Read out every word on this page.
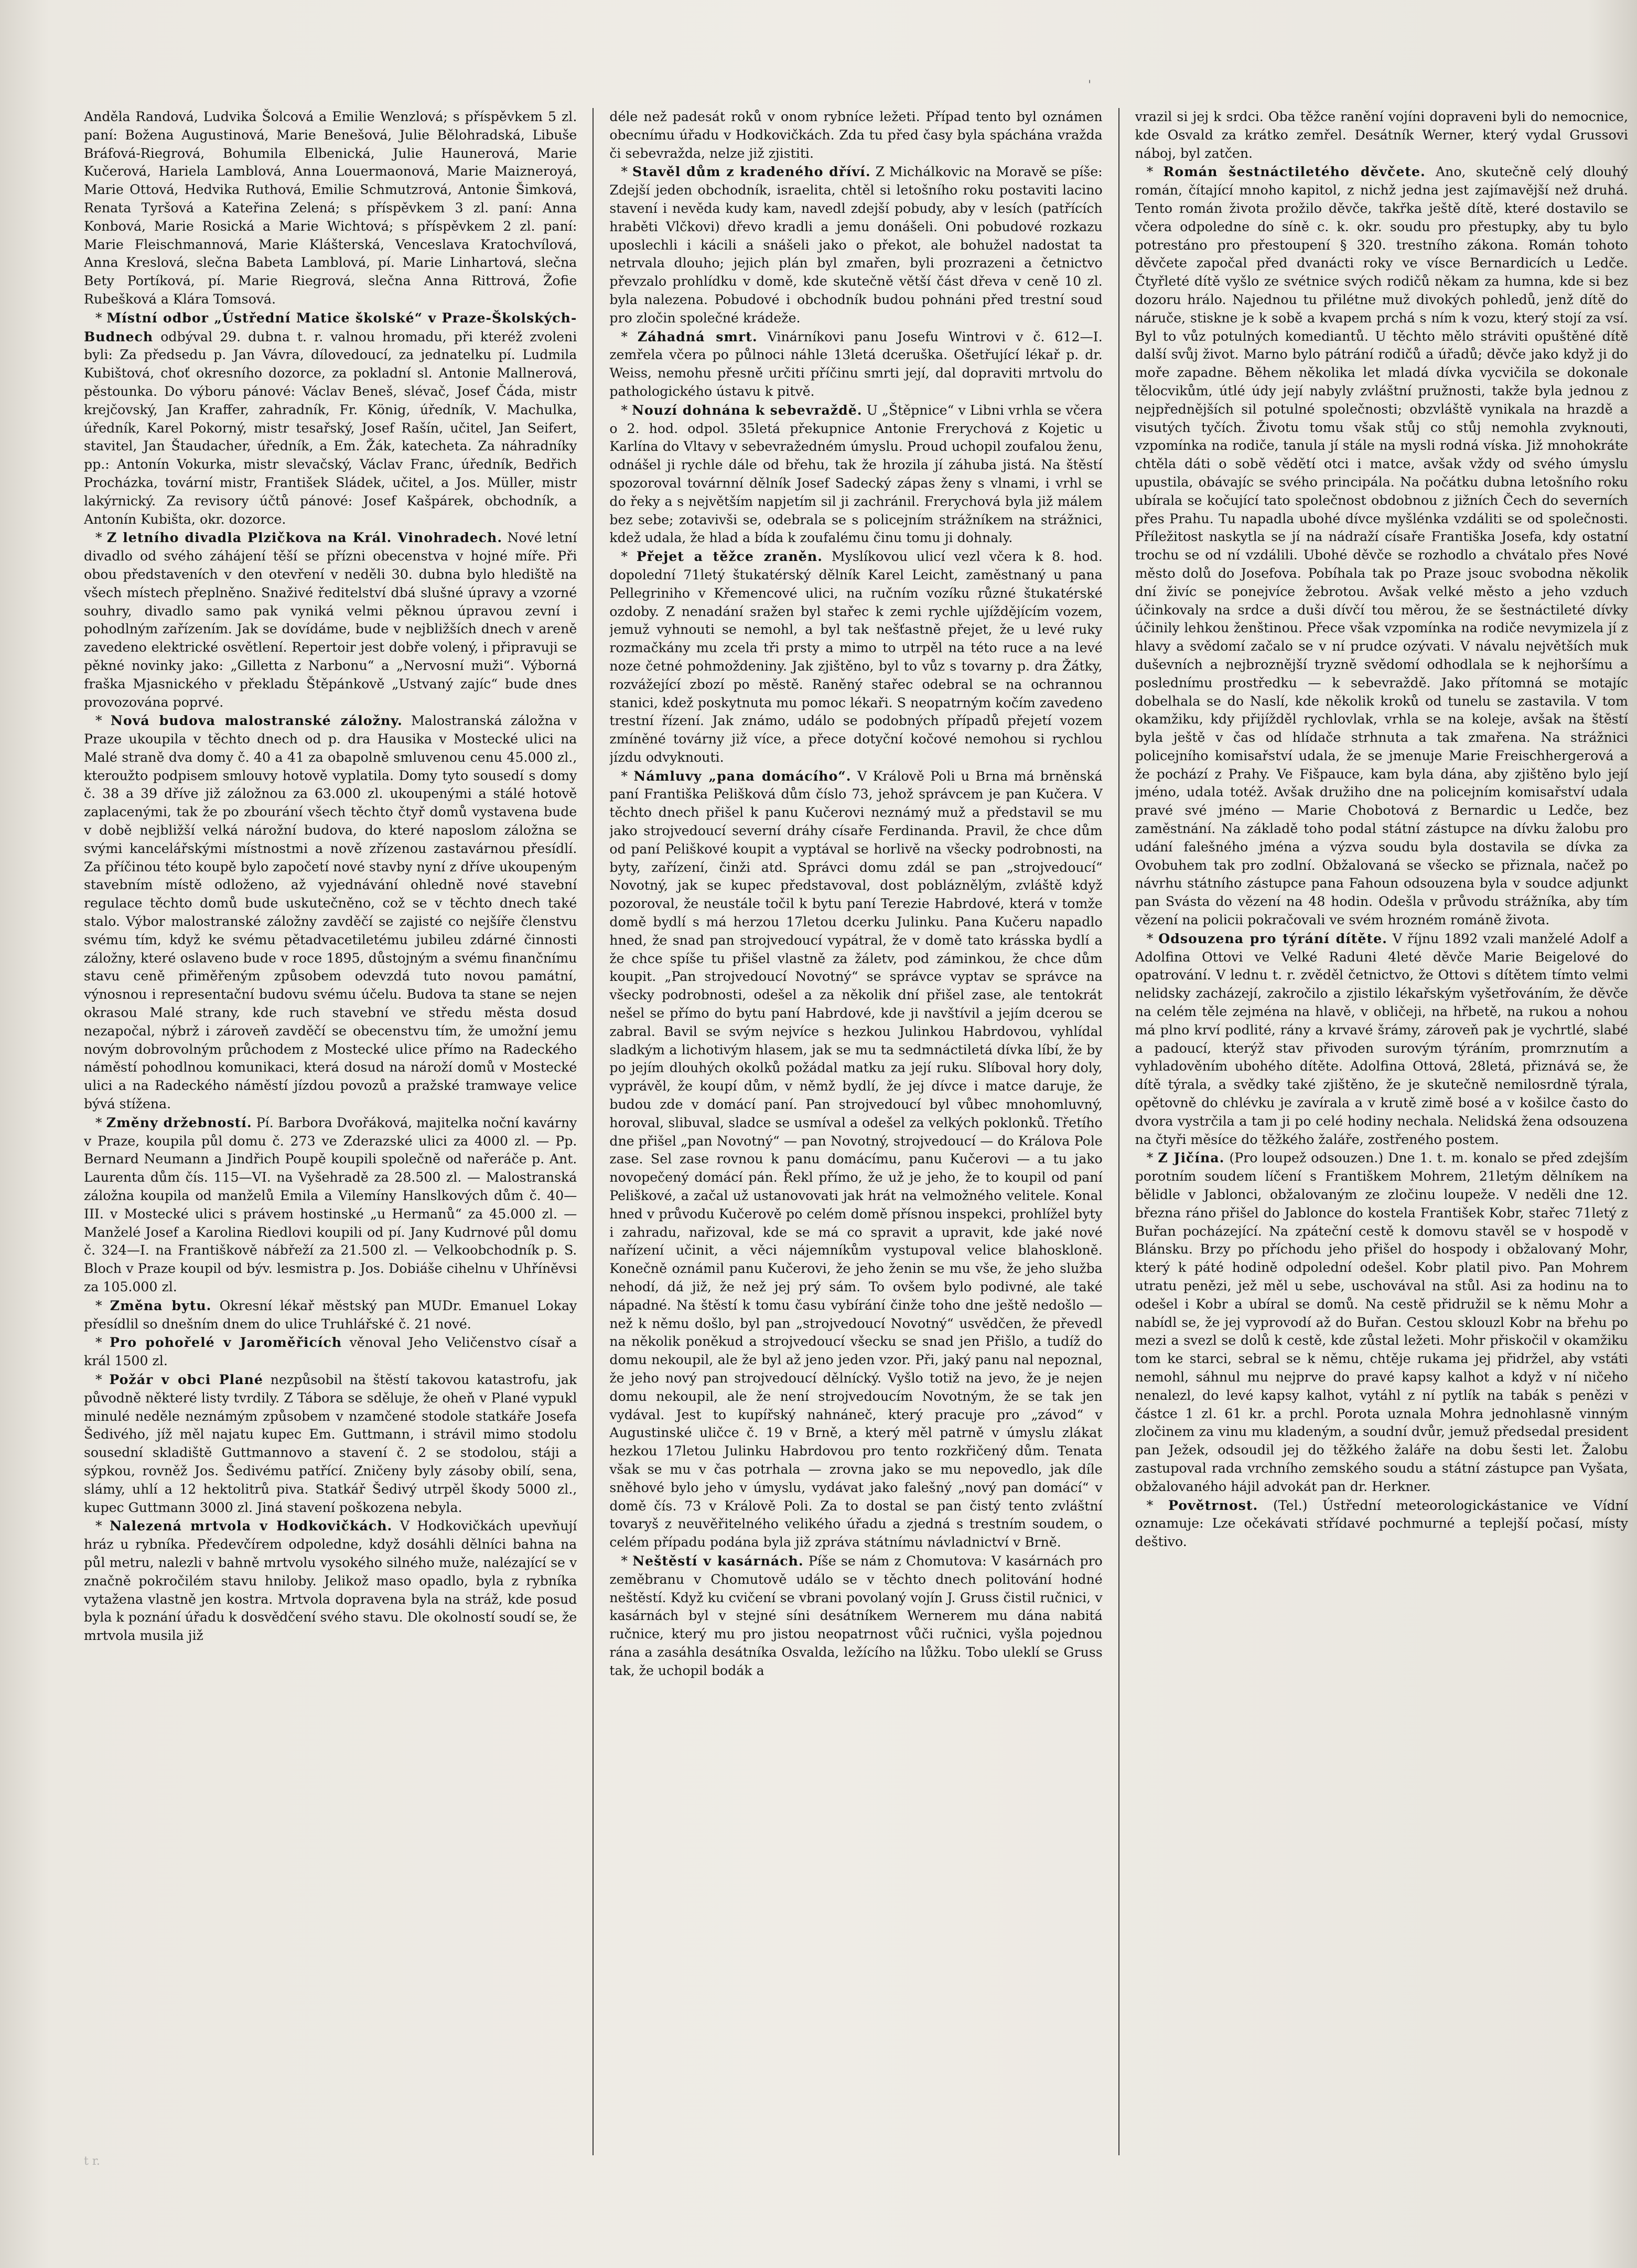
Anděla Randová, Ludvika Šolcová a Emilie Wenzlová; s příspěvkem 5 zl. paní: Božena Augustinová, Marie Benešová, Julie Bělohradská, Libuše Bráfová-Riegrová, Bohumila Elbenická, Julie Haunerová, Marie Kučerová, Hariela Lamblová, Anna Louermaonová, Marie Maizneroyá, Marie Ottová, Hedvika Ruthová, Emilie Schmutzrová, Antonie Šimková, Renata Tyršová a Kateřina Zelená; s příspěvkem 3 zl. paní: Anna Konbová, Marie Rosická a Marie Wichtová; s příspěvkem 2 zl. paní: Marie Fleischmannová, Marie Klášterská, Venceslava Kratochvílová, Anna Kreslová, slečna Babeta Lamblová, pí. Marie Linhartová, slečna Bety Portíková, pí. Marie Riegrová, slečna Anna Rittrová, Žofie Rubešková a Klára Tomsová.

* Místní odbor „Ústřední Matice školské“ v Praze-Školských-Budnech odbýval 29. dubna t. r. valnou hromadu, při kteréž zvoleni byli: Za předsedu p. Jan Vávra, dílovedoucí, za jednatelku pí. Ludmila Kubištová, choť okresního dozorce, za pokladní sl. Antonie Mallnerová, pěstounka. Do výboru pánové: Václav Beneš, slévač, Josef Čáda, mistr krejčovský, Jan Kraffer, zahradník, Fr. König, úředník, V. Machulka, úředník, Karel Pokorný, mistr tesařský, Josef Rašín, učitel, Jan Seifert, stavitel, Jan Štaudacher, úředník, a Em. Žák, katecheta. Za náhradníky pp.: Antonín Vokurka, mistr slevačský, Václav Franc, úředník, Bedřich Procházka, tovární mistr, František Sládek, učitel, a Jos. Müller, mistr lakýrnický. Za revisory účtů pánové: Josef Kašpárek, obchodník, a Antonín Kubišta, okr. dozorce.

* Z letního divadla Plzičkova na Král. Vinohradech. Nové letní divadlo od svého záhájení těší se přízni obecenstva v hojné míře. Při obou představeních v den otevření v neděli 30. dubna bylo hlediště na všech místech přeplněno. Snaživé ředitelství dbá slušné úpravy a vzorné souhry, divadlo samo pak vyniká velmi pěknou úpravou zevní i pohodlným zařízením. Jak se dovídáme, bude v nejbližších dnech v areně zavedeno elektrické osvětlení. Repertoir jest dobře volený, i připravuji se pěkné novinky jako: „Gilletta z Narbonu“ a „Nervosní muži“. Výborná fraška Mjasnického v překladu Štěpánkově „Ustvaný zajíc“ bude dnes provozována poprvé.

* Nová budova malostranské záložny. Malostranská záložna v Praze ukoupila v těchto dnech od p. dra Hausika v Mostecké ulici na Malé straně dva domy č. 40 a 41 za obapolně smluvenou cenu 45.000 zl., kteroužto podpisem smlouvy hotově vyplatila. Domy tyto sousedí s domy č. 38 a 39 dříve již záložnou za 63.000 zl. ukoupenými a stálé hotově zaplacenými, tak že po zbourání všech těchto čtyř domů vystavena bude v době nejbližší velká nárožní budova, do které naposlom záložna se svými kancelářskými místnostmi a nově zřízenou zastavárnou přesídlí. Za příčinou této koupě bylo započetí nové stavby nyní z dříve ukoupeným stavebním místě odloženo, až vyjednávání ohledně nové stavební regulace těchto domů bude uskutečněno, což se v těchto dnech také stalo. Výbor malostranské záložny zavděčí se zajisté co nejšíře členstvu svému tím, když ke svému pětadvacetiletému jubileu zdárné činnosti záložny, které oslaveno bude v roce 1895, důstojným a svému finančnímu stavu ceně přiměřeným způsobem odevzdá tuto novou památní, výnosnou i representační budovu svému účelu. Budova ta stane se nejen okrasou Malé strany, kde ruch stavební ve středu města dosud nezapočal, nýbrž i zároveň zavděčí se obecenstvu tím, že umožní jemu novým dobrovolným průchodem z Mostecké ulice přímo na Radeckého náměstí pohodlnou komunikaci, která dosud na nároží domů v Mostecké ulici a na Radeckého náměstí jízdou povozů a pražské tramwaye velice bývá stížena.

* Změny držebností. Pí. Barbora Dvořáková, majitelka noční kavárny v Praze, koupila půl domu č. 273 ve Zderazské ulici za 4000 zl. — Pp. Bernard Neumann a Jindřich Poupě koupili společně od nařeráče p. Ant. Laurenta dům čís. 115—VI. na Vyšehradě za 28.500 zl. — Malostranská záložna koupila od manželů Emila a Vilemíny Hanslkových dům č. 40—III. v Mostecké ulici s právem hostinské „u Hermanů“ za 45.000 zl. — Manželé Josef a Karolina Riedlovi koupili od pí. Jany Kudrnové půl domu č. 324—I. na Františkově nábřeží za 21.500 zl. — Velkoobchodník p. S. Bloch v Praze koupil od býv. lesmistra p. Jos. Dobiáše cihelnu v Uhříněvsi za 105.000 zl.

* Změna bytu. Okresní lékař městský pan MUDr. Emanuel Lokay přesídlil so dnešním dnem do ulice Truhlářské č. 21 nové.

* Pro pohořelé v Jaroměřicích věnoval Jeho Veličenstvo císař a král 1500 zl.

* Požár v obci Plané nezpůsobil na štěstí takovou katastrofu, jak původně některé listy tvrdily. Z Tábora se sděluje, že oheň v Plané vypukl minulé neděle neznámým způsobem v nzamčené stodole statkáře Josefa Šedivého, jíž měl najatu kupec Em. Guttmann, i strávil mimo stodolu sousední skladiště Guttmannovo a stavení č. 2 se stodolou, stáji a sýpkou, rovněž Jos. Šedivému patřící. Zničeny byly zásoby obilí, sena, slámy, uhlí a 12 hektolitrů piva. Statkář Šedivý utrpěl škody 5000 zl., kupec Guttmann 3000 zl. Jiná stavení poškozena nebyla.

* Nalezená mrtvola v Hodkovičkách. V Hodkovičkách upevňují hráz u rybníka. Předevčírem odpoledne, když dosáhli dělníci bahna na půl metru, nalezli v bahně mrtvolu vysokého silného muže, nalézající se v značně pokročilém stavu hniloby. Jelikož maso opadlo, byla z rybníka vytažena vlastně jen kostra. Mrtvola dopravena byla na stráž, kde posud byla k poznání úřadu k dosvědčení svého stavu. Dle okolností soudí se, že mrtvola musila již

déle než padesát roků v onom rybníce ležeti. Případ tento byl oznámen obecnímu úřadu v Hodkovičkách. Zda tu před časy byla spáchána vražda či sebevražda, nelze již zjistiti.

* Stavěl dům z kradeného dříví. Z Michálkovic na Moravě se píše: Zdejší jeden obchodník, israelita, chtěl si letošního roku postaviti lacino stavení i nevěda kudy kam, navedl zdejší pobudy, aby v lesích (patřících hraběti Vlčkovi) dřevo kradli a jemu donášeli. Oni pobudové rozkazu uposlechli i kácili a snášeli jako o překot, ale bohužel nadostat ta netrvala dlouho; jejich plán byl zmařen, byli prozrazeni a četnictvo převzalo prohlídku v domě, kde skutečně větší část dřeva v ceně 10 zl. byla nalezena. Pobudové i obchodník budou pohnáni před trestní soud pro zločin společné krádeže.

* Záhadná smrt. Vinárníkovi panu Josefu Wintrovi v č. 612—I. zemřela včera po půlnoci náhle 13letá dceruška. Ošetřující lékař p. dr. Weiss, nemohu přesně určiti příčinu smrti její, dal dopraviti mrtvolu do pathologického ústavu k pitvě.

* Nouzí dohnána k sebevraždě. U „Štěpnice“ v Libni vrhla se včera o 2. hod. odpol. 35letá překupnice Antonie Frerychová z Kojetic u Karlína do Vltavy v sebevražedném úmyslu. Proud uchopil zoufalou ženu, odnášel ji rychle dále od břehu, tak že hrozila jí záhuba jistá. Na štěstí spozoroval továrnní dělník Josef Sadecký zápas ženy s vlnami, i vrhl se do řeky a s největším napjetím sil ji zachránil. Frerychová byla již málem bez sebe; zotavivši se, odebrala se s policejním strážníkem na strážnici, kdež udala, že hlad a bída k zoufalému činu tomu ji dohnaly.

* Přejet a těžce zraněn. Myslíkovou ulicí vezl včera k 8. hod. dopolední 71letý štukatérský dělník Karel Leicht, zaměstnaný u pana Pellegriniho v Křemencové ulici, na ručním vozíku různé štukatérské ozdoby. Z nenadání sražen byl stařec k zemi rychle ujíždějícím vozem, jemuž vyhnouti se nemohl, a byl tak nešťastně přejet, že u levé ruky rozmačkány mu zcela tři prsty a mimo to utrpěl na této ruce a na levé noze četné pohmoždeniny. Jak zjištěno, byl to vůz s tovarny p. dra Žátky, rozvážející zbozí po městě. Raněný stařec odebral se na ochrannou stanici, kdež poskytnuta mu pomoc lékaři. S neopatrným kočím zavedeno trestní řízení. Jak známo, událo se podobných případů přejetí vozem zmíněné továrny již více, a přece dotyční kočové nemohou si rychlou jízdu odvyknouti.

* Námluvy „pana domácího“. V Králově Poli u Brna má brněnská paní Františka Pelišková dům číslo 73, jehož správcem je pan Kučera. V těchto dnech přišel k panu Kučerovi neznámý muž a představil se mu jako strojvedoucí severní dráhy císaře Ferdinanda. Pravil, že chce dům od paní Peliškové koupit a vyptával se horlivě na všecky podrobnosti, na byty, zařízení, činži atd. Správci domu zdál se pan „strojvedoucí“ Novotný, jak se kupec představoval, dost pobláznělým, zvláště když pozoroval, že neustále točil k bytu paní Terezie Habrdové, která v tomže domě bydlí s má herzou 17letou dcerku Julinku. Pana Kučeru napadlo hned, že snad pan strojvedoucí vypátral, že v domě tato krásska bydlí a že chce spíše tu přišel vlastně za žáletv, pod záminkou, že chce dům koupit. „Pan strojvedoucí Novotný“ se správce vyptav se správce na všecky podrobnosti, odešel a za několik dní přišel zase, ale tentokrát nešel se přímo do bytu paní Habrdové, kde ji navštívil a jejím dcerou se zabral. Bavil se svým nejvíce s hezkou Julinkou Habrdovou, vyhlídal sladkým a lichotivým hlasem, jak se mu ta sedmnáctiletá dívka líbí, že by po jejím dlouhých okolků požádal matku za její ruku. Slíboval hory doly, vyprávěl, že koupí dům, v němž bydlí, že jej dívce i matce daruje, že budou zde v domácí paní. Pan strojvedoucí byl vůbec mnohomluvný, horoval, slibuval, sladce se usmíval a odešel za velkých poklonků. Třetího dne přišel „pan Novotný“ — pan Novotný, strojvedoucí — do Králova Pole zase. Sel zase rovnou k panu domácímu, panu Kučerovi — a tu jako novopečený domácí pán. Řekl přímo, že už je jeho, že to koupil od paní Peliškové, a začal už ustanovovati jak hrát na velmožného velitele. Konal hned v průvodu Kučerově po celém domě přísnou inspekci, prohlížel byty i zahradu, nařizoval, kde se má co spravit a upravit, kde jaké nové nařízení učinit, a věci nájemníkům vystupoval velice blahoskloně. Konečně oznámil panu Kučerovi, že jeho ženin se mu vše, že jeho služba nehodí, dá již, že než jej prý sám. To ovšem bylo podivné, ale také nápadné. Na štěstí k tomu času vybírání činže toho dne ještě nedošlo — než k němu došlo, byl pan „strojvedoucí Novotný“ usvědčen, že převedl na několik poněkud a strojvedoucí všecku se snad jen Přišlo, a tudíž do domu nekoupil, ale že byl až jeno jeden vzor. Při, jaký panu nal nepoznal, že jeho nový pan strojvedoucí dělnícký. Vyšlo totiž na jevo, že je nejen domu nekoupil, ale že není strojvedoucím Novotným, že se tak jen vydával. Jest to kupířský nahnáneč, který pracuje pro „závod“ v Augustinské uličce č. 19 v Brně, a který měl patrně v úmyslu zlákat hezkou 17letou Julinku Habrdovou pro tento rozkřičený dům. Tenata však se mu v čas potrhala — zrovna jako se mu nepovedlo, jak díle sněhové bylo jeho v úmyslu, vydávat jako falešný „nový pan domácí“ v domě čís. 73 v Králově Poli. Za to dostal se pan čistý tento zvláštní tovaryš z neuvěřitelného velikého úřadu a zjedná s trestním soudem, o celém případu podána byla již zpráva státnímu návladnictví v Brně.

* Neštěstí v kasárnách. Píše se nám z Chomutova: V kasárnách pro zeměbranu v Chomutově událo se v těchto dnech politování hodné neštěstí. Když ku cvičení se vbrani povolaný vojín J. Gruss čistil ručnici, v kasárnách byl v stejné síni desátníkem Wernerem mu dána nabitá ručnice, který mu pro jistou neopatrnost vůči ručnici, vyšla pojednou rána a zasáhla desátníka Osvalda, ležícího na lůžku. Tobo uleklí se Gruss tak, že uchopil bodák a

vrazil si jej k srdci. Oba těžce ranění vojíni dopraveni byli do nemocnice, kde Osvald za krátko zemřel. Desátník Werner, který vydal Grussovi náboj, byl zatčen.

* Román šestnáctiletého děvčete. Ano, skutečně celý dlouhý román, čítající mnoho kapitol, z nichž jedna jest zajímavější než druhá. Tento román života prožilo děvče, takřka ještě dítě, které dostavilo se včera odpoledne do síně c. k. okr. soudu pro přestupky, aby tu bylo potrestáno pro přestoupení § 320. trestního zákona. Román tohoto děvčete započal před dvanácti roky ve vísce Bernardicích u Ledče. Čtyřleté dítě vyšlo ze svétnice svých rodičů někam za humna, kde si bez dozoru hrálo. Najednou tu přilétne muž divokých pohledů, jenž dítě do náruče, stiskne je k sobě a kvapem prchá s ním k vozu, který stojí za vsí. Byl to vůz potulných komediantů. U těchto mělo stráviti opuštěné dítě další svůj život. Marno bylo pátrání rodičů a úřadů; děvče jako když ji do moře zapadne. Během několika let mladá dívka vycvičila se dokonale tělocvikům, útlé údy její nabyly zvláštní pružnosti, takže byla jednou z nejpřednějších sil potulné společnosti; obzvláště vynikala na hrazdě a visutých tyčích. Životu tomu však stůj co stůj nemohla zvyknouti, vzpomínka na rodiče, tanula jí stále na mysli rodná víska. Již mnohokráte chtěla dáti o sobě vědětí otci i matce, avšak vždy od svého úmyslu upustila, obávajíc se svého principála. Na počátku dubna letošního roku ubírala se kočující tato společnost obdobnou z jižních Čech do severních přes Prahu. Tu napadla ubohé dívce myšlénka vzdáliti se od společnosti. Příležitost naskytla se jí na nádraží císaře Františka Josefa, kdy ostatní trochu se od ní vzdálili. Ubohé děvče se rozhodlo a chvátalo přes Nové město dolů do Josefova. Pobíhala tak po Praze jsouc svobodna několik dní živíc se ponejvíce žebrotou. Avšak velké město a jeho vzduch účinkovaly na srdce a duši dívčí tou měrou, že se šestnáctileté dívky účinily lehkou ženštinou. Přece však vzpomínka na rodiče nevymizela jí z hlavy a svědomí začalo se v ní prudce ozývati. V návalu největších muk duševních a nejbroznější tryzně svědomí odhodlala se k nejhoršímu a poslednímu prostředku — k sebevraždě. Jako přítomná se motajíc dobelhala se do Naslí, kde několik kroků od tunelu se zastavila. V tom okamžiku, kdy přijížděl rychlovlak, vrhla se na koleje, avšak na štěstí byla ještě v čas od hlídače strhnuta a tak zmařena. Na strážnici policejního komisařství udala, že se jmenuje Marie Freischhergerová a že pochází z Prahy. Ve Fišpauce, kam byla dána, aby zjištěno bylo její jméno, udala totéž. Avšak družiho dne na policejním komisařství udala pravé své jméno — Marie Chobotová z Bernardic u Ledče, bez zaměstnání. Na základě toho podal státní zástupce na dívku žalobu pro udání falešného jména a výzva soudu byla dostavila se dívka za Ovobuhem tak pro zodlní. Obžalovaná se všecko se přiznala, načež po návrhu státního zástupce pana Fahoun odsouzena byla v soudce adjunkt pan Svásta do vězení na 48 hodin. Odešla v průvodu strážníka, aby tím vězení na policii pokračovali ve svém hrozném románě života.

* Odsouzena pro týrání dítěte. V říjnu 1892 vzali manželé Adolf a Adolfina Ottovi ve Velké Raduni 4leté děvče Marie Beigelové do opatrování. V lednu t. r. zvěděl četnictvo, že Ottovi s dítětem tímto velmi nelidsky zacházejí, zakročilo a zjistilo lékařským vyšetřováním, že děvče na celém těle zejména na hlavě, v obličeji, na hřbetě, na rukou a nohou má plno krví podlité, rány a krvavé šrámy, zároveň pak je vychrtlé, slabé a padoucí, kterýž stav přivoden surovým týráním, promrznutím a vyhladověním ubohého dítěte. Adolfina Ottová, 28letá, přiznává se, že dítě týrala, a svědky také zjištěno, že je skutečně nemilosrdně týrala, opětovně do chlévku je zavírala a v krutě zimě bosé a v košilce často do dvora vystrčila a tam ji po celé hodiny nechala. Nelidská žena odsouzena na čtyři měsíce do těžkého žaláře, zostřeného postem.

* Z Jičína. (Pro loupež odsouzen.) Dne 1. t. m. konalo se před zdejším porotním soudem líčení s Františkem Mohrem, 21letým dělníkem na bělidle v Jablonci, obžalovaným ze zločinu loupeže. V neděli dne 12. března ráno přišel do Jablonce do kostela František Kobr, stařec 71letý z Buřan pocházející. Na zpáteční cestě k domovu stavěl se v hospodě v Blánsku. Brzy po příchodu jeho přišel do hospody i obžalovaný Mohr, který k páté hodině odpolední odešel. Kobr platil pivo. Pan Mohrem utratu penězi, jež měl u sebe, uschovával na stůl. Asi za hodinu na to odešel i Kobr a ubíral se domů. Na cestě přidružil se k němu Mohr a nabídl se, že jej vyprovodí až do Buřan. Cestou sklouzl Kobr na břehu po mezi a svezl se dolů k cestě, kde zůstal ležeti. Mohr přiskočil v okamžiku tom ke starci, sebral se k němu, chtěje rukama jej přidržel, aby vstáti nemohl, sáhnul mu nejprve do pravé kapsy kalhot a když v ní ničeho nenalezl, do levé kapsy kalhot, vytáhl z ní pytlík na tabák s penězi v částce 1 zl. 61 kr. a prchl. Porota uznala Mohra jednohlasně vinným zločinem za vinu mu kladeným, a soudní dvůr, jemuž předsedal president pan Ježek, odsoudil jej do těžkého žaláře na dobu šesti let. Žalobu zastupoval rada vrchního zemského soudu a státní zástupce pan Vyšata, obžalovaného hájil advokát pan dr. Herkner.

* Povětrnost. (Tel.) Ústřední meteorologickástanice ve Vídní oznamuje: Lze očekávati střídavé pochmurné a teplejší počasí, místy deštivo.

'
t r.
